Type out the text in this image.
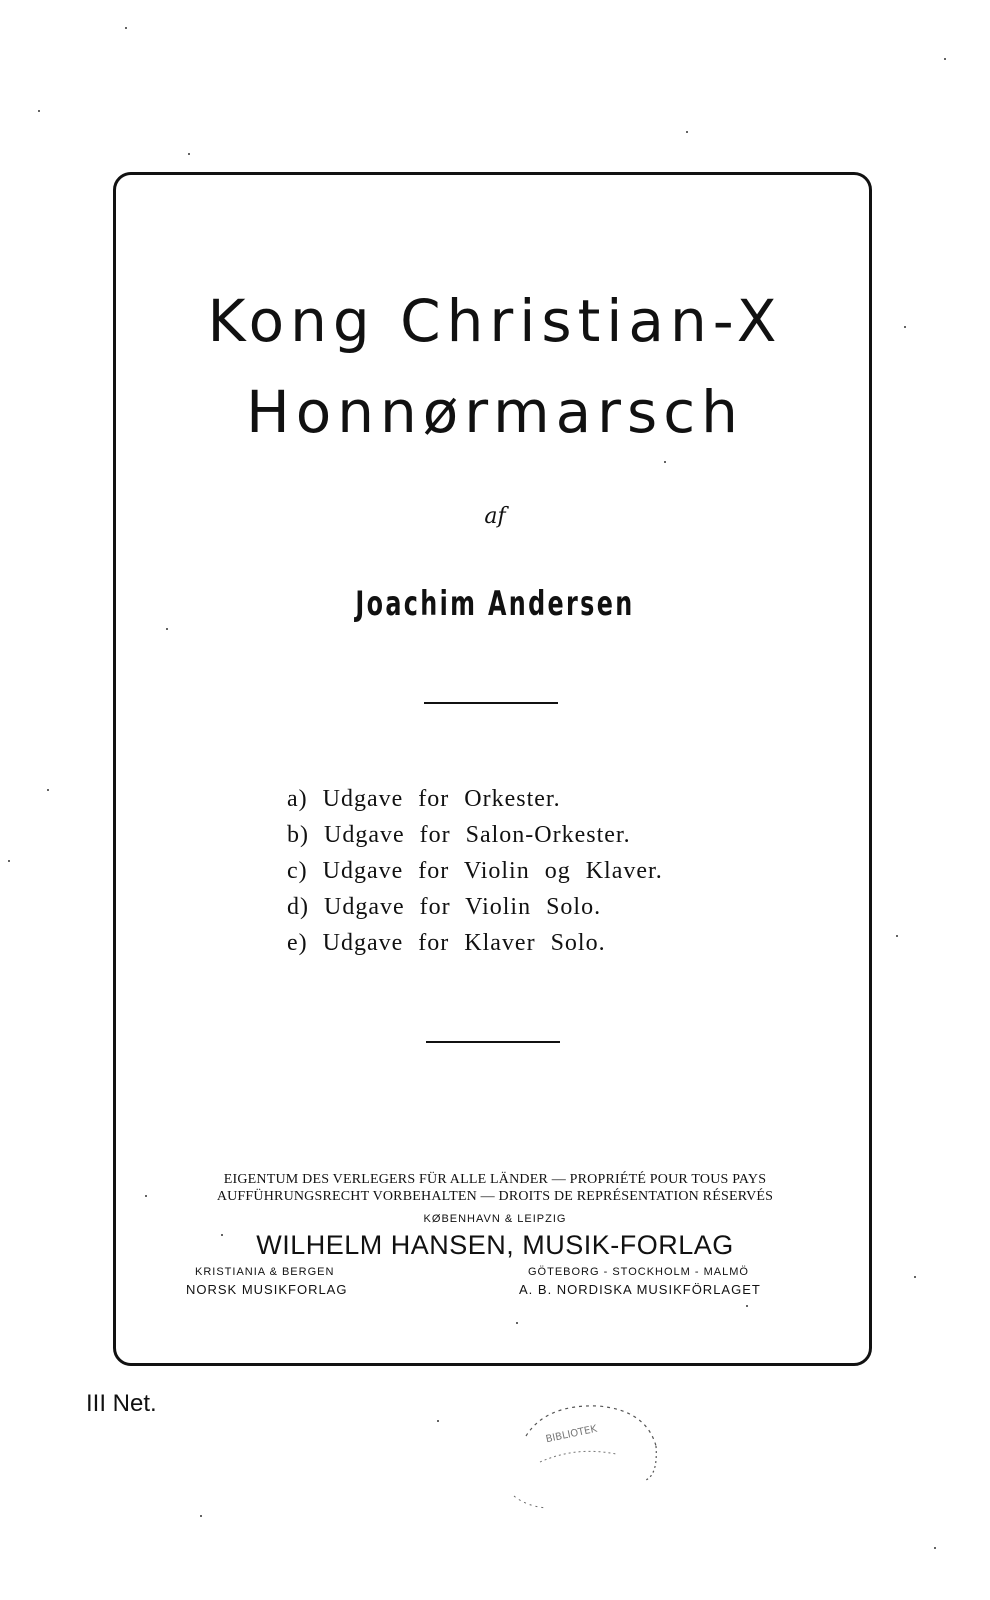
Kong Christian-X
Honnørmarsch
af
Joachim Andersen
a) Udgave for Orkester.
b) Udgave for Salon-Orkester.
c) Udgave for Violin og Klaver.
d) Udgave for Violin Solo.
e) Udgave for Klaver Solo.
EIGENTUM DES VERLEGERS FÜR ALLE LÄNDER — PROPRIÉTÉ POUR TOUS PAYS
AUFFÜHRUNGSRECHT VORBEHALTEN — DROITS DE REPRÉSENTATION RÉSERVÉS
KØBENHAVN & LEIPZIG
WILHELM HANSEN, MUSIK-FORLAG
KRISTIANIA & BERGEN
NORSK MUSIKFORLAG
GÖTEBORG - STOCKHOLM - MALMÖ
A. B. NORDISKA MUSIKFÖRLAGET
III Net.
BIBLIOTEK
